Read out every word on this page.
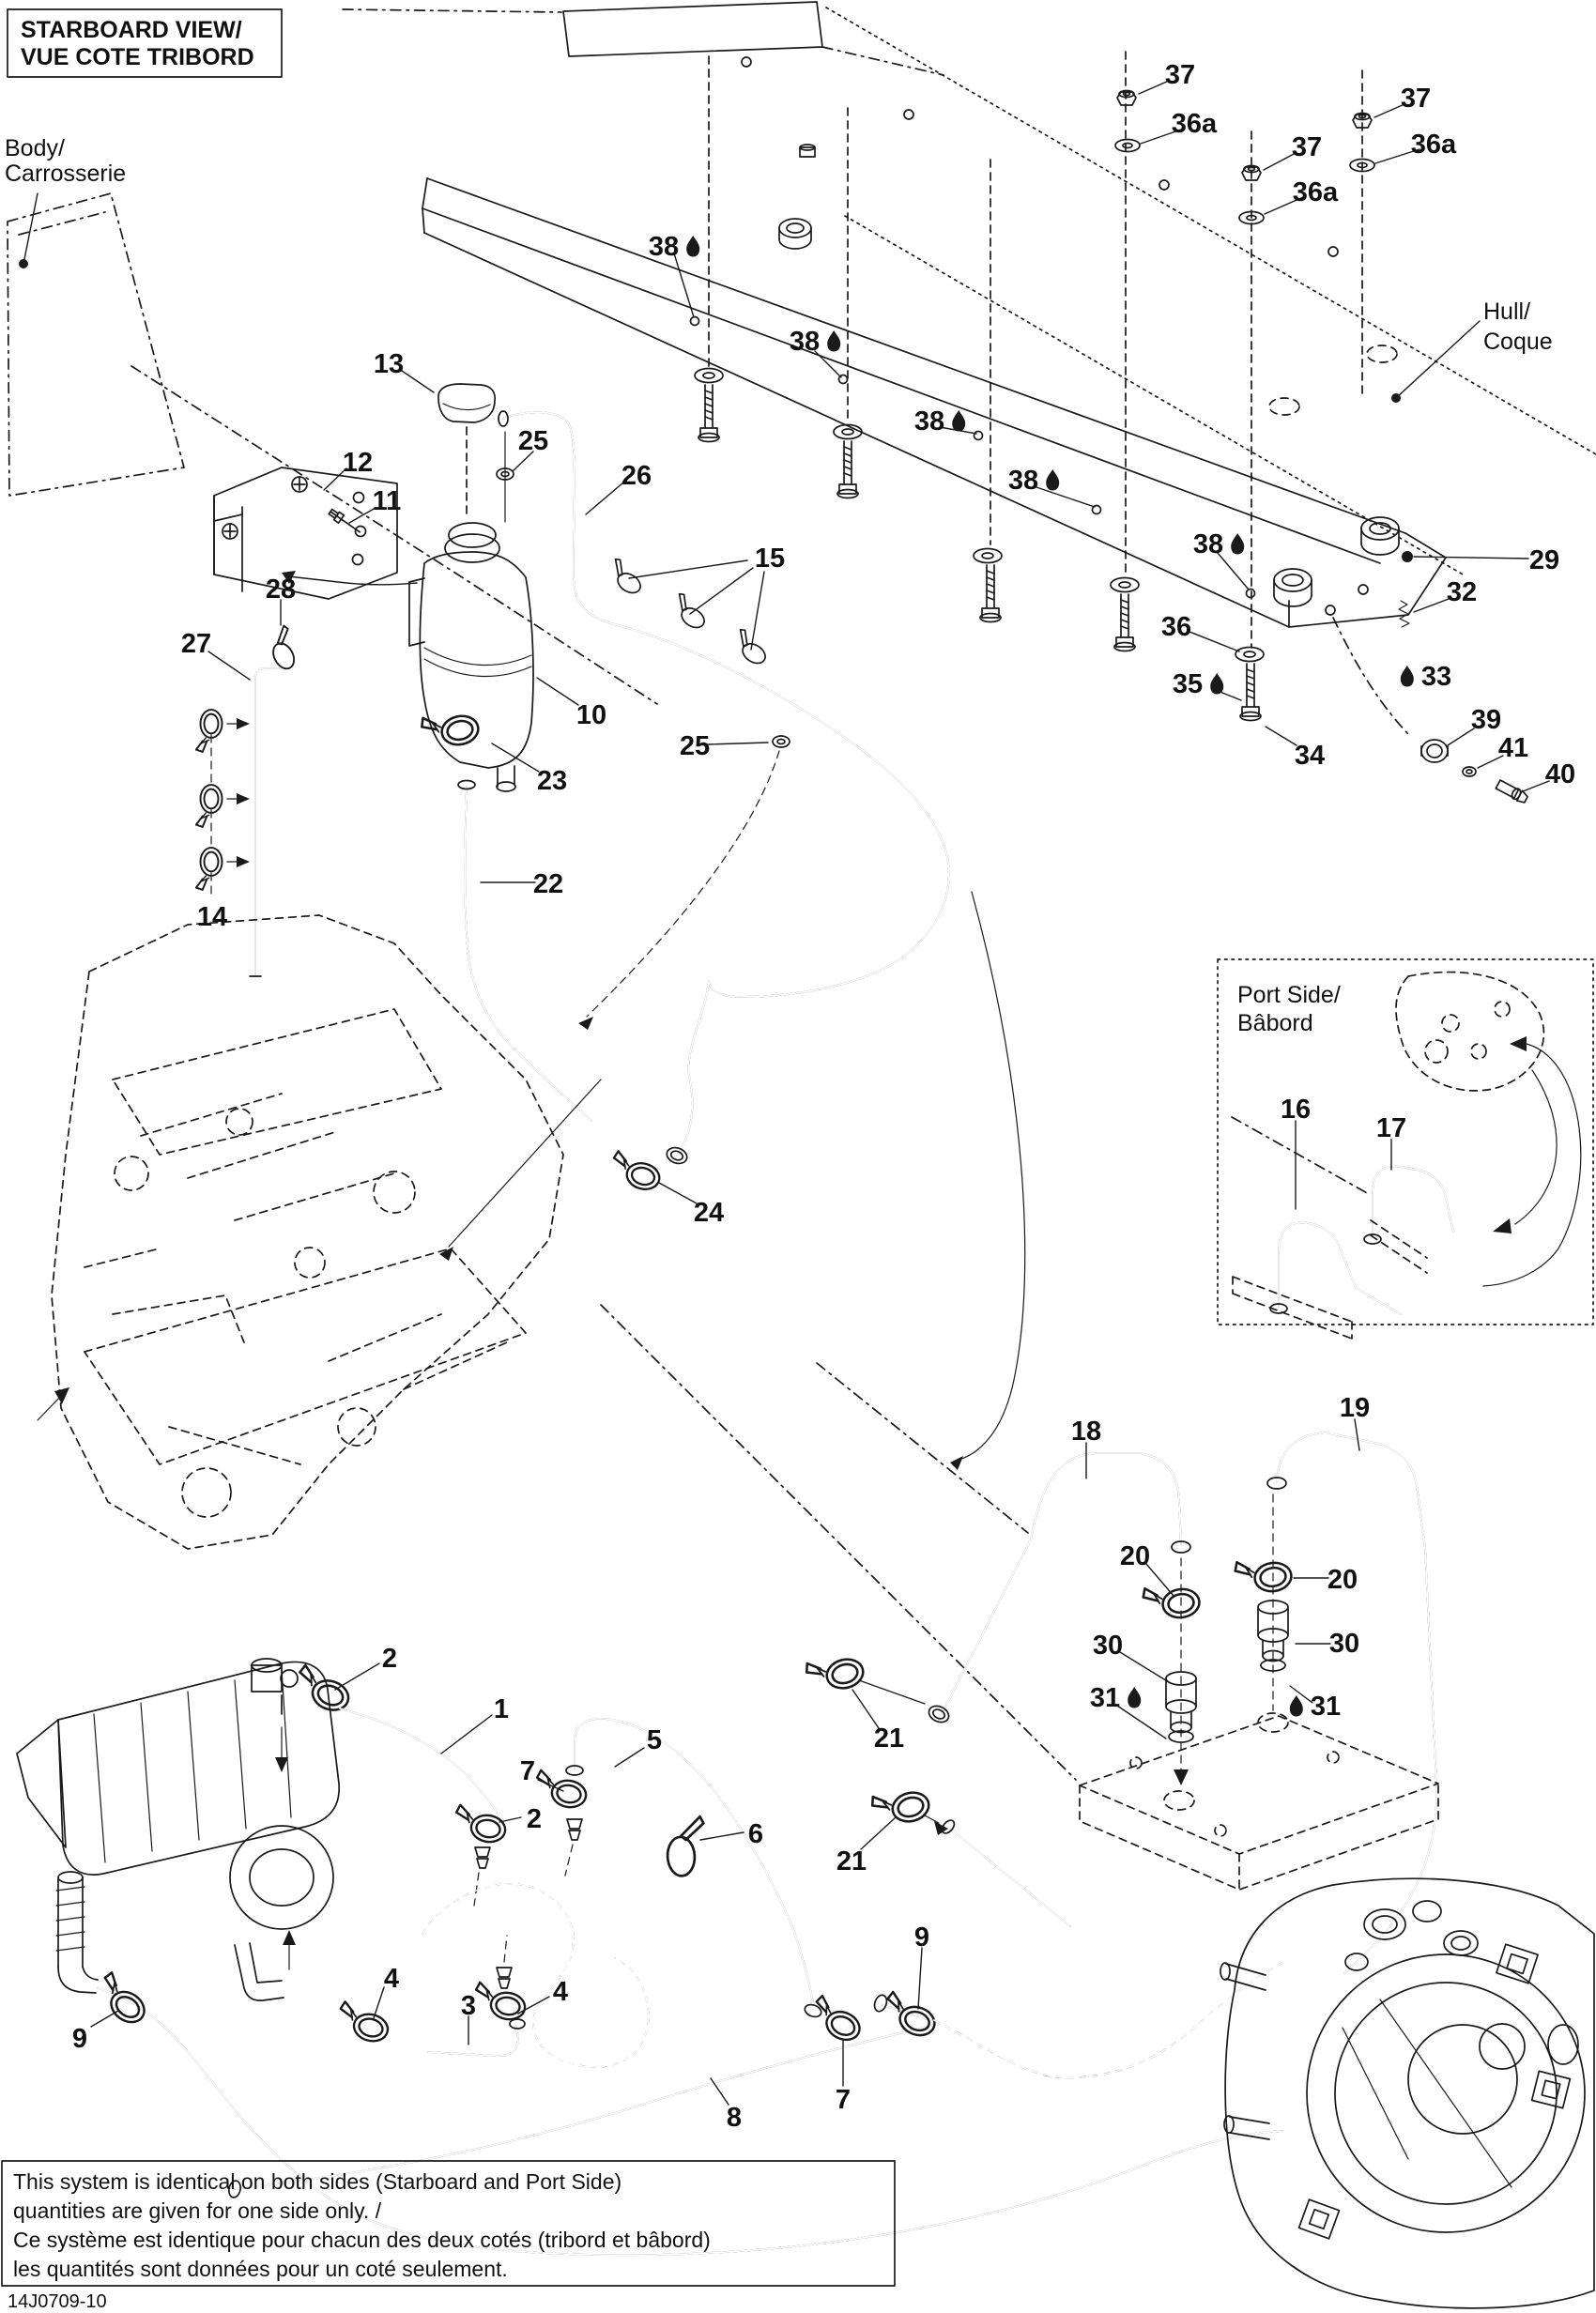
STARBOARD VIEW/
VUE COTE TRIBORD
Body/
Carrosserie
Hull/
Coque
Port Side/
Bâbord
This system is identical on both sides (Starboard and Port Side)
quantities are given for one side only. /
Ce système est identique pour chacun des deux cotés (tribord et bâbord)
les quantités sont données pour un coté seulement.
14J0709-10
1
2
2
3
4	4
5
6
7
7
8
9
9
10
11
12
13
14
15
16
17
18
19
20
20
21
21
22
23
24
25
25
26
27
28
29
30	30
31	31
32
33
34
35
36
36a
36a
36a
37
37
37
38
38
38
38
38
39
40
41
